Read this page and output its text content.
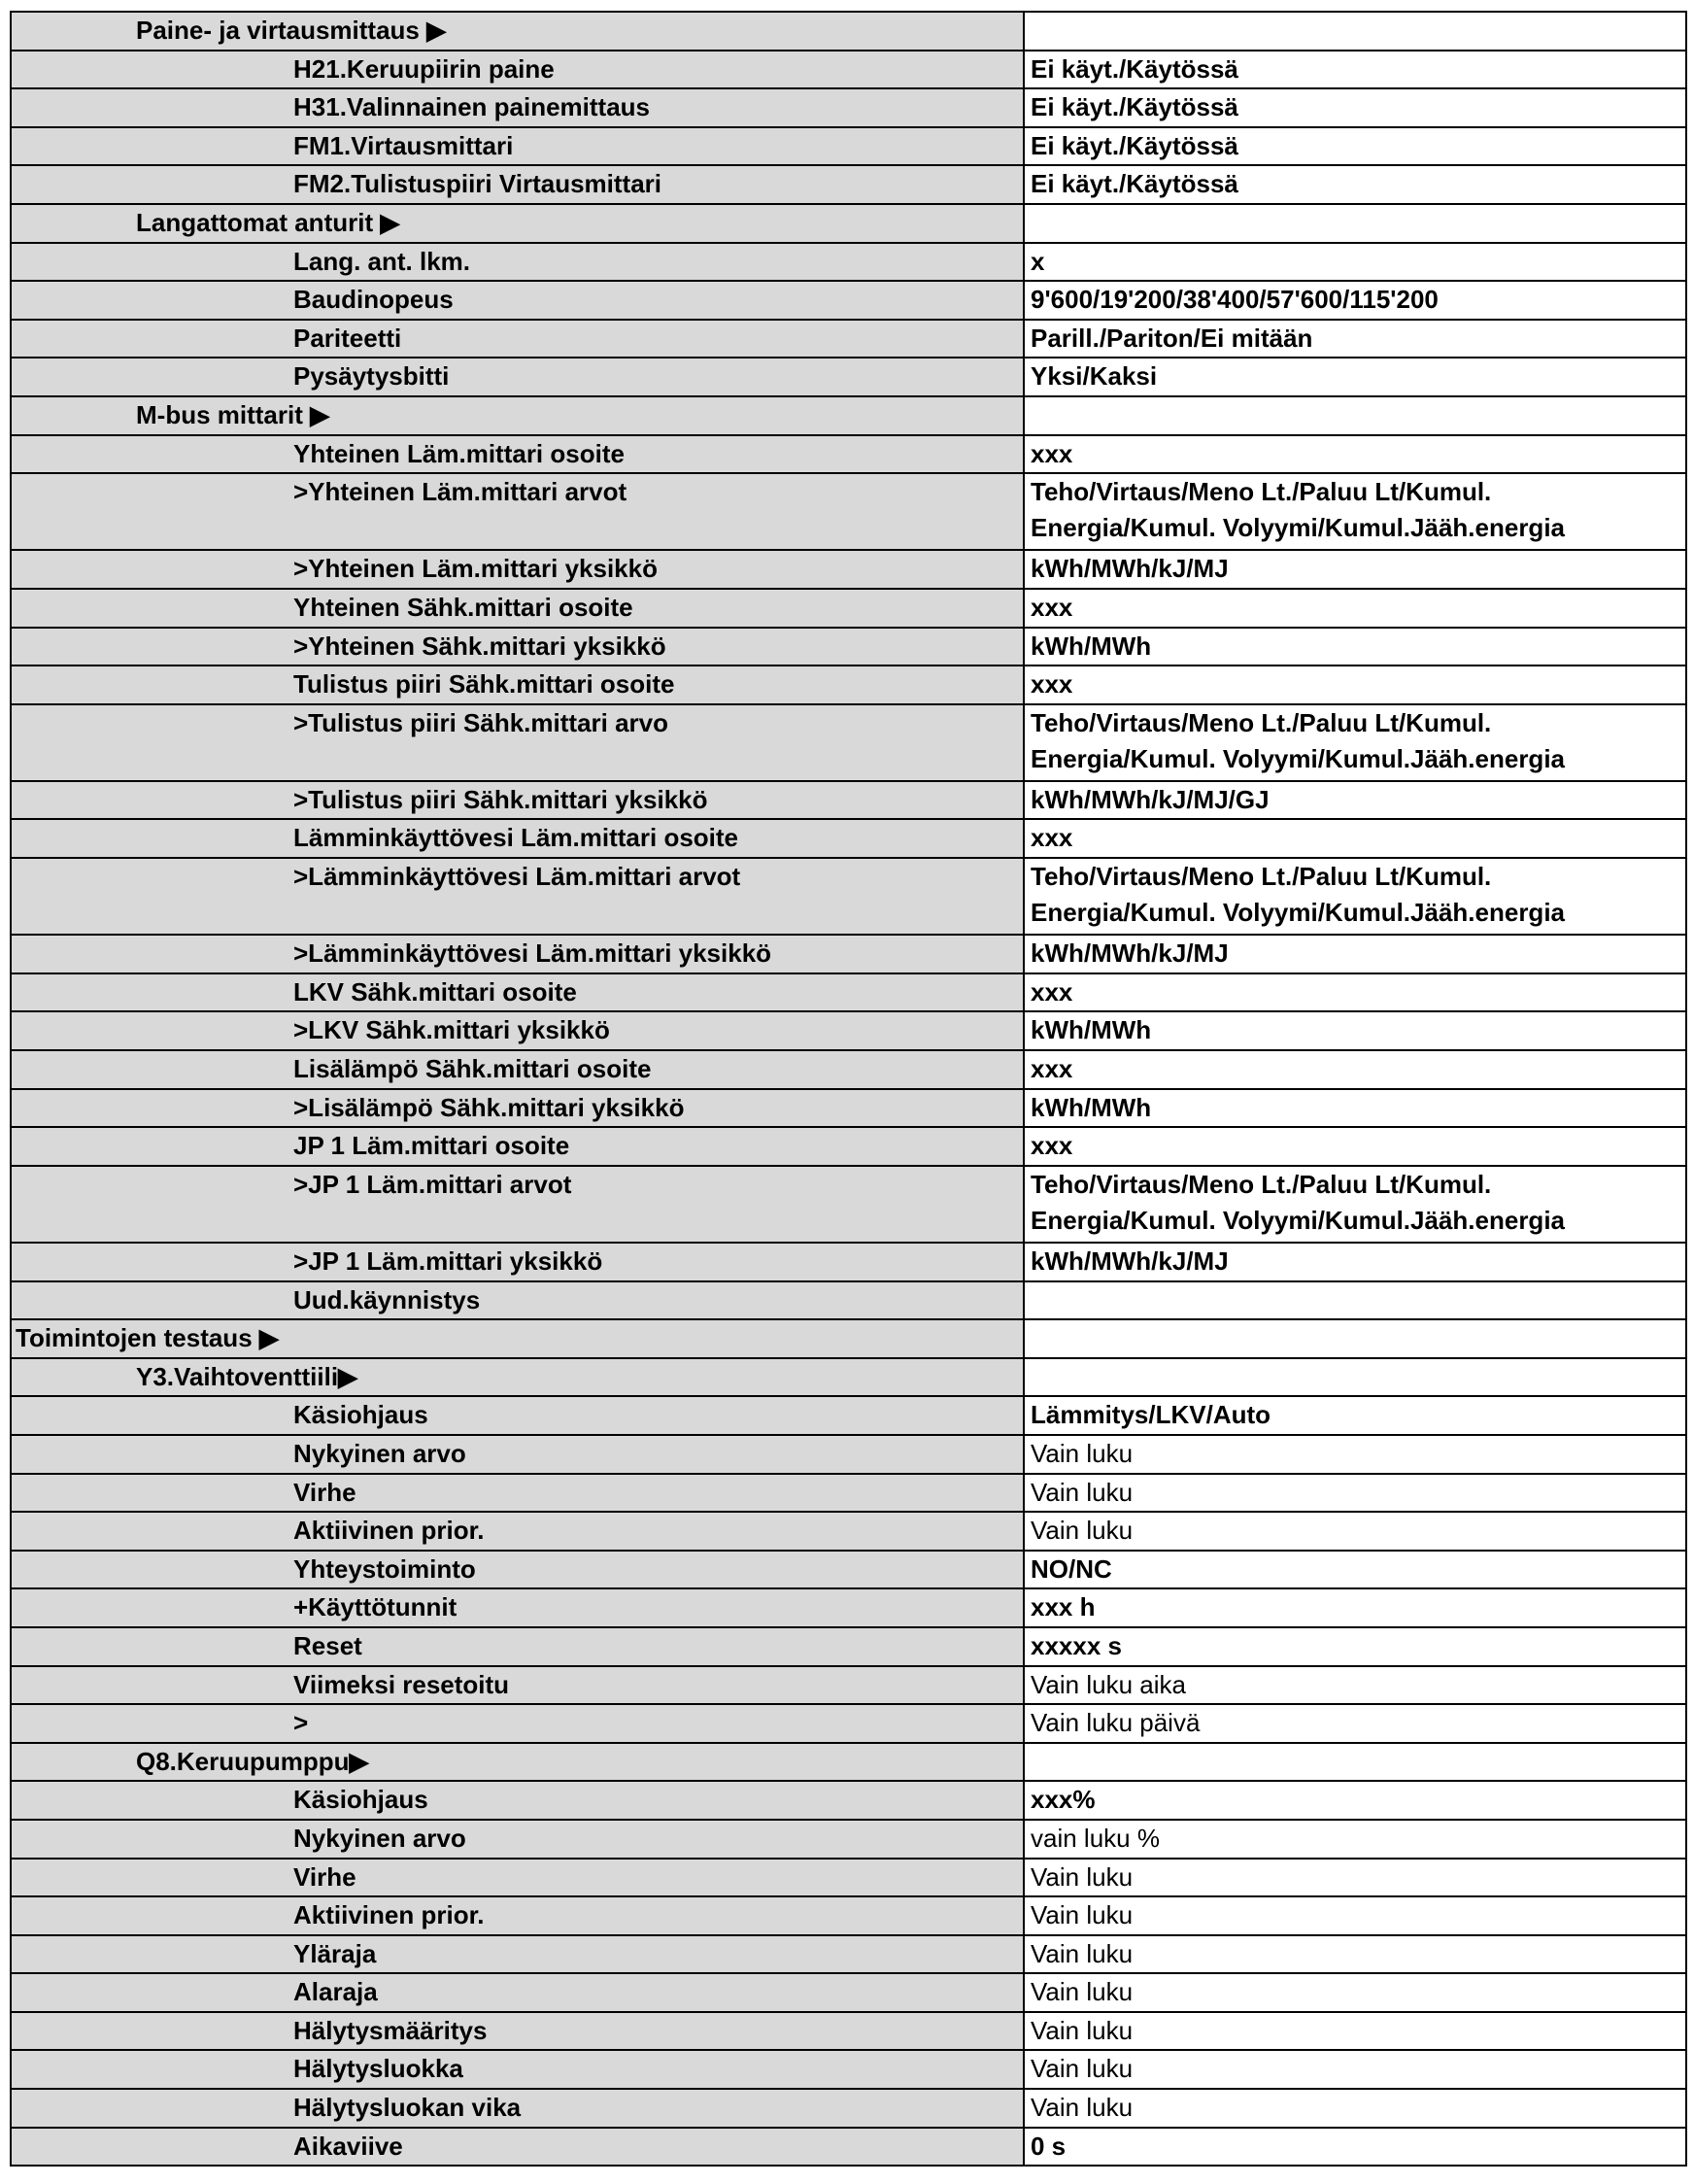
Paine- ja virtausmittaus ▶	
H21.Keruupiirin paine	Ei käyt./Käytössä
H31.Valinnainen painemittaus	Ei käyt./Käytössä
FM1.Virtausmittari	Ei käyt./Käytössä
FM2.Tulistuspiiri Virtausmittari	Ei käyt./Käytössä
Langattomat anturit ▶	
Lang. ant. lkm.	x
Baudinopeus	9'600/19'200/38'400/57'600/115'200
Pariteetti	Parill./Pariton/Ei mitään
Pysäytysbitti	Yksi/Kaksi
M-bus mittarit ▶	
Yhteinen Läm.mittari osoite	xxx
>Yhteinen Läm.mittari arvot	Teho/Virtaus/Meno Lt./Paluu Lt/Kumul.
Energia/Kumul. Volyymi/Kumul.Jääh.energia

>Yhteinen Läm.mittari yksikkö	kWh/MWh/kJ/MJ
Yhteinen Sähk.mittari osoite	xxx
>Yhteinen Sähk.mittari yksikkö	kWh/MWh
Tulistus piiri Sähk.mittari osoite	xxx
>Tulistus piiri Sähk.mittari arvo	Teho/Virtaus/Meno Lt./Paluu Lt/Kumul.
Energia/Kumul. Volyymi/Kumul.Jääh.energia

>Tulistus piiri Sähk.mittari yksikkö	kWh/MWh/kJ/MJ/GJ
Lämminkäyttövesi Läm.mittari osoite	xxx
>Lämminkäyttövesi Läm.mittari arvot	Teho/Virtaus/Meno Lt./Paluu Lt/Kumul.
Energia/Kumul. Volyymi/Kumul.Jääh.energia

>Lämminkäyttövesi Läm.mittari yksikkö	kWh/MWh/kJ/MJ
LKV Sähk.mittari osoite	xxx
>LKV Sähk.mittari yksikkö	kWh/MWh
Lisälämpö Sähk.mittari osoite	xxx
>Lisälämpö Sähk.mittari yksikkö	kWh/MWh
JP 1 Läm.mittari osoite	xxx
>JP 1 Läm.mittari arvot	Teho/Virtaus/Meno Lt./Paluu Lt/Kumul.
Energia/Kumul. Volyymi/Kumul.Jääh.energia

>JP 1 Läm.mittari yksikkö	kWh/MWh/kJ/MJ
Uud.käynnistys	
Toimintojen testaus ▶	
Y3.Vaihtoventtiili▶	
Käsiohjaus	Lämmitys/LKV/Auto
Nykyinen arvo	Vain luku
Virhe	Vain luku
Aktiivinen prior.	Vain luku
Yhteystoiminto	NO/NC
+Käyttötunnit	xxx h
Reset	xxxxx s
Viimeksi resetoitu	Vain luku aika
>	Vain luku päivä
Q8.Keruupumppu▶	
Käsiohjaus	xxx%
Nykyinen arvo	vain luku %
Virhe	Vain luku
Aktiivinen prior.	Vain luku
Yläraja	Vain luku
Alaraja	Vain luku
Hälytysmääritys	Vain luku
Hälytysluokka	Vain luku
Hälytysluokan vika	Vain luku
Aikaviive	0 s
